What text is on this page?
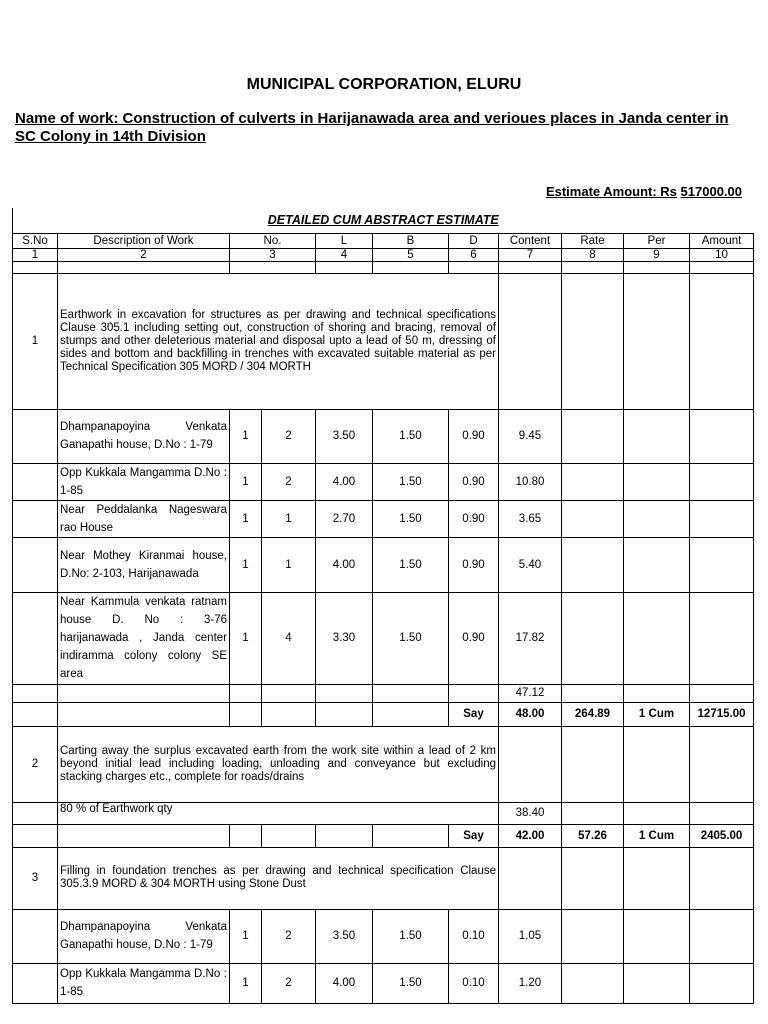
MUNICIPAL CORPORATION, ELURU
Name of work: Construction of culverts in Harijanawada area and verioues places in Janda center in SC Colony in 14th Division
Estimate Amount: Rs 517000.00
DETAILED CUM ABSTRACT ESTIMATE										
S.No	Description of Work	No.		L	B	D	Content	Rate	Per	Amount
1	2	3		4	5	6	7	8	9	10

1	Earthwork in excavation for structures as per drawing and technical specifications Clause 305.1 including setting out, construction of shoring and bracing, removal of stumps and other deleterious material and disposal upto a lead of 50 m, dressing of sides and bottom and backfilling in trenches with excavated suitable material as per Technical Specification 305 MORD / 304 MORTH									
	Dhampanapoyina Venkata Ganapathi house, D.No : 1-79	1	2	3.50	1.50	0.90	9.45			
	Opp Kukkala Mangamma D.No : 1-85	1	2	4.00	1.50	0.90	10.80			
	Near Peddalanka Nageswara rao House	1	1	2.70	1.50	0.90	3.65			
	Near Mothey Kiranmai house, D.No: 2-103, Harijanawada	1	1	4.00	1.50	0.90	5.40			
	Near Kammula venkata ratnam house D. No : 3-76 harijanawada , Janda center indiramma colony colony SE area	1	4	3.30	1.50	0.90	17.82			
							47.12			
						Say	48.00	264.89	1 Cum	12715.00
2	Carting away the surplus excavated earth from the work site within a lead of 2 km beyond initial lead including loading, unloading and conveyance but excluding stacking charges etc., complete for roads/drains									
	80 % of Earthwork qty						38.40			
						Say	42.00	57.26	1 Cum	2405.00
3	Filling in foundation trenches as per drawing and technical specification Clause 305.3.9 MORD & 304 MORTH using Stone Dust									
	Dhampanapoyina Venkata Ganapathi house, D.No : 1-79	1	2	3.50	1.50	0.10	1.05			
	Opp Kukkala Mangamma D.No : 1-85	1	2	4.00	1.50	0.10	1.20			
